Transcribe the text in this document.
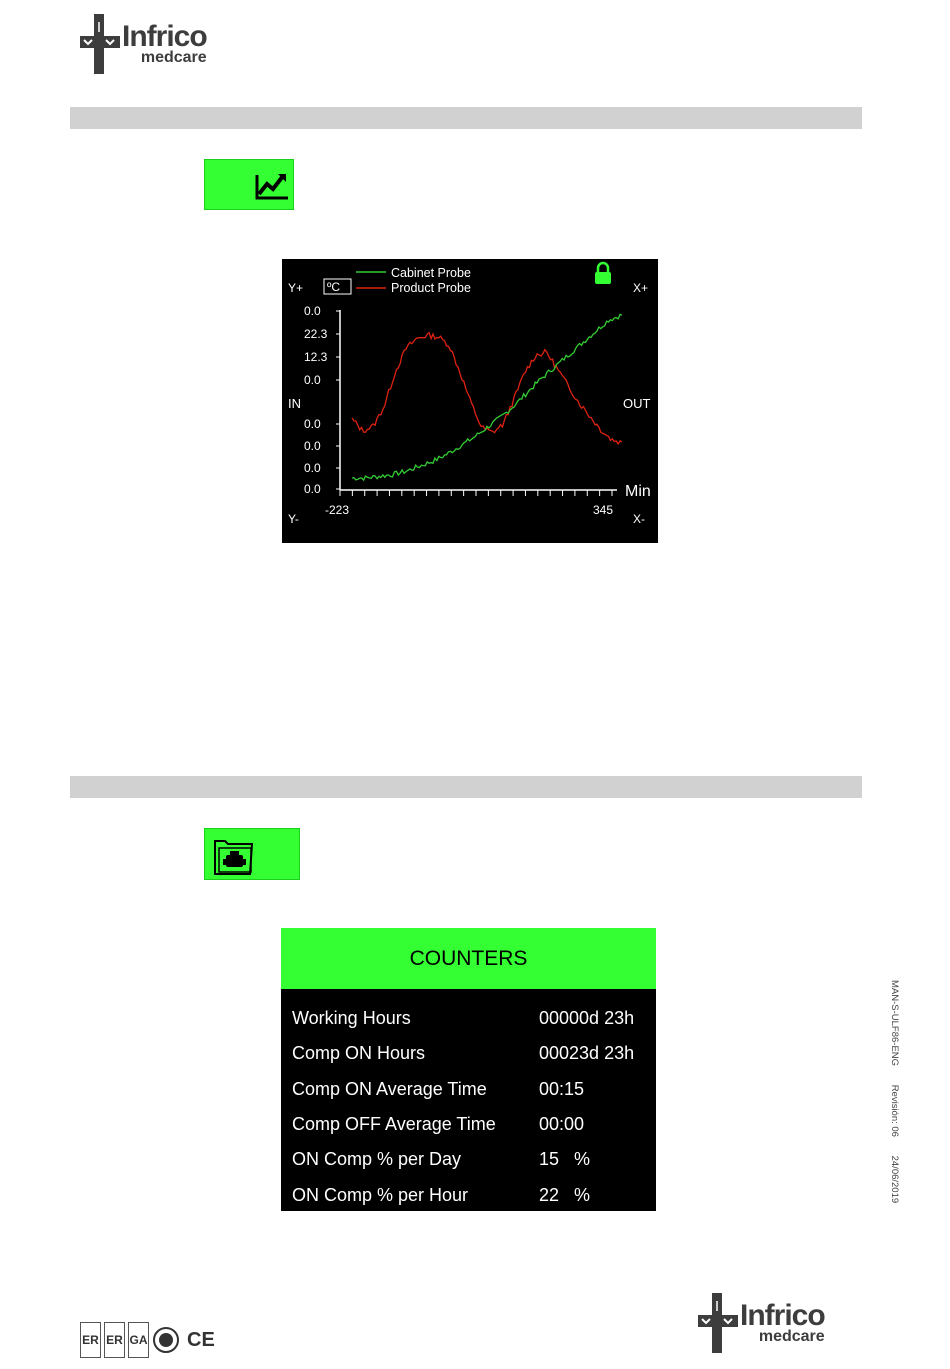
Infrico
medcare
Cabinet Probe
Product Probe
ºC
Y+
Y-
X+
X-
IN	OUT
Min
-223	345
0.0
22.3
12.3
0.0
0.0
0.0
0.0
0.0
COUNTERS
Working Hours	00000d 23h
Comp ON Hours	00023d 23h
Comp ON Average Time	00:15
Comp OFF Average Time	00:00
ON Comp % per Day	15   %
ON Comp % per Hour	22   %
MAN-S-ULF86-ENG Revisión: 06 24/06/2019
ER ER GA CE
Infrico
medcare
